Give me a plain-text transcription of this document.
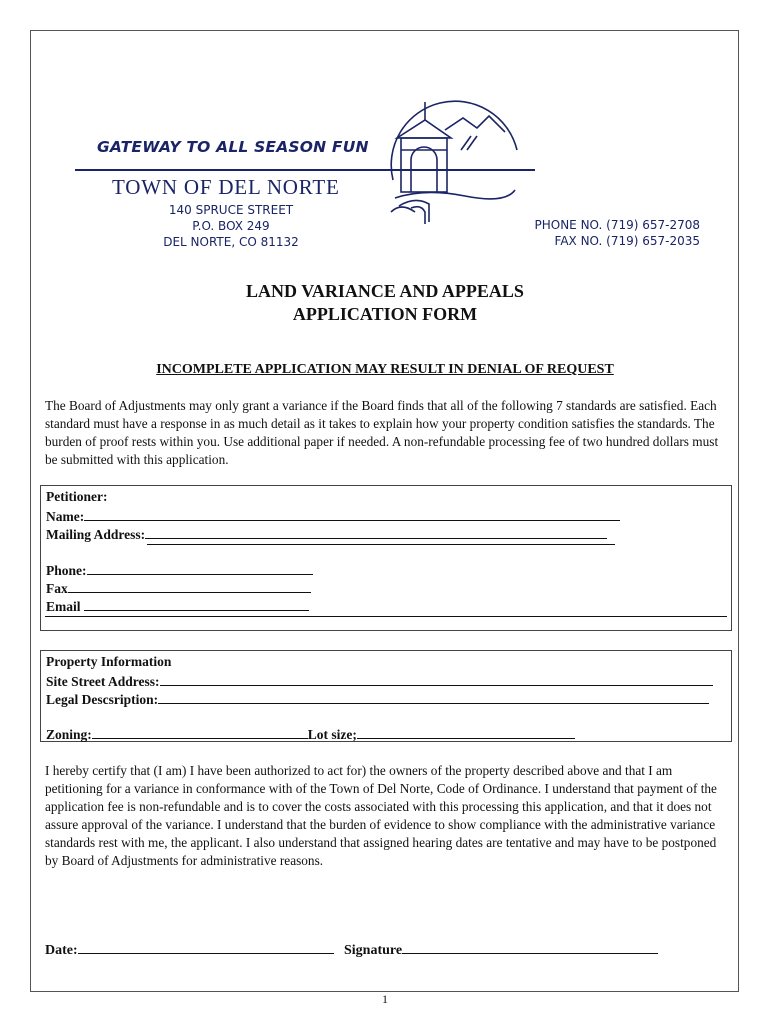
GATEWAY TO ALL SEASON FUN
TOWN OF DEL NORTE
140 SPRUCE STREET
P.O. BOX 249
DEL NORTE, CO 81132
PHONE NO. (719) 657-2708
FAX NO. (719) 657-2035
LAND VARIANCE AND APPEALS
APPLICATION FORM
INCOMPLETE APPLICATION MAY RESULT IN DENIAL OF REQUEST

The Board of Adjustments may only grant a variance if the Board finds that all of the following 7 standards are satisfied. Each standard must have a response in as much detail as it takes to explain how your property condition satisfies the standards. The burden of proof rests within you. Use additional paper if needed. A non-refundable processing fee of two hundred dollars must be submitted with this application.

Petitioner:
Name:
Mailing Address:
Phone:
Fax
Email
Property Information
Site Street Address:
Legal Descsription:
Zoning:	Lot size;

I hereby certify that (I am) I have been authorized to act for) the owners of the property described above and that I am petitioning for a variance in conformance with of the Town of Del Norte, Code of Ordinance. I understand that payment of the application fee is non-refundable and is to cover the costs associated with this processing this application, and that it does not assure approval of the variance. I understand that the burden of evidence to show compliance with the administrative variance standards rest with me, the applicant. I also understand that assigned hearing dates are tentative and may have to be postponed by Board of Adjustments for administrative reasons.

Date:	Signature
1
